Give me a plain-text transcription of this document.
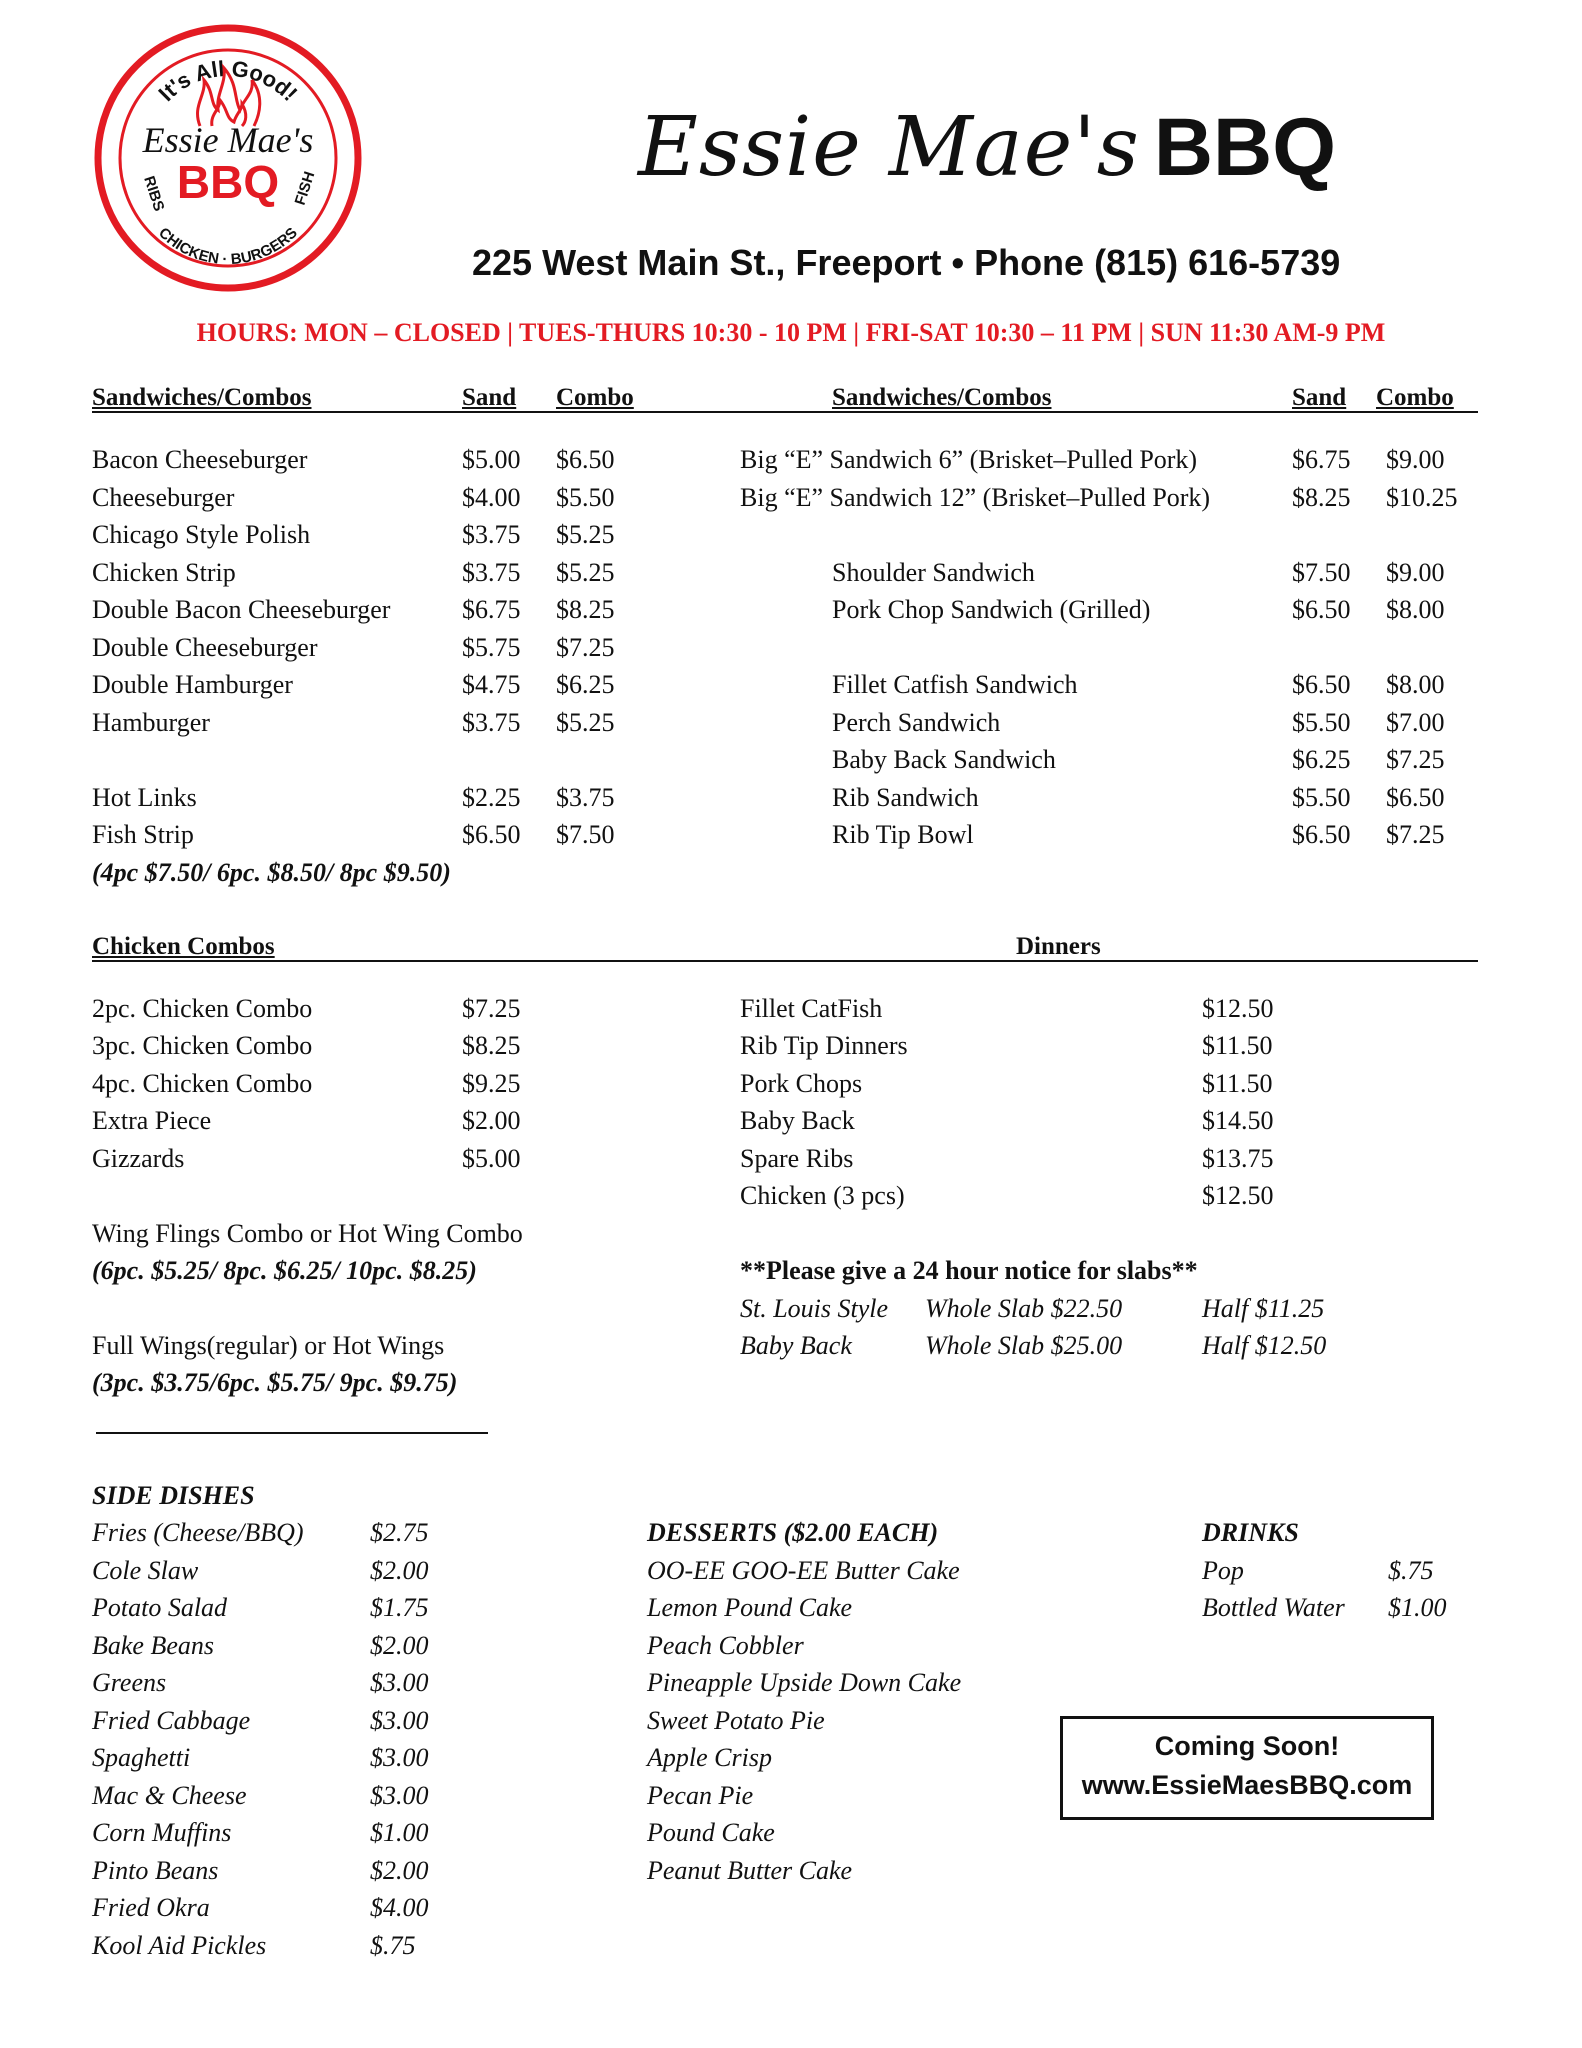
It's All Good!
Essie Mae's
BBQ
RIBS	FISH
CHICKEN · BURGERS
Essie Mae's BBQ
225 West Main St., Freeport • Phone (815) 616-5739
HOURS: MON – CLOSED | TUES-THURS 10:30 - 10 PM | FRI-SAT 10:30 – 11 PM | SUN 11:30 AM-9 PM
Sandwiches/Combos	Sand Combo
Bacon Cheeseburger	$5.00 $6.50
Cheeseburger	$4.00 $5.50
Chicago Style Polish	$3.75 $5.25
Chicken Strip	$3.75 $5.25
Double Bacon Cheeseburger	$6.75 $8.25
Double Cheeseburger	$5.75 $7.25
Double Hamburger	$4.75 $6.25
Hamburger	$3.75 $5.25
Hot Links	$2.25 $3.75
Fish Strip	$6.50 $7.50
(4pc $7.50/ 6pc. $8.50/ 8pc $9.50)
Sandwiches/Combos	Sand Combo
Big “E” Sandwich 6” (Brisket–Pulled Pork)	$6.75 $9.00
Big “E” Sandwich 12” (Brisket–Pulled Pork)	$8.25 $10.25
Shoulder Sandwich	$7.50 $9.00
Pork Chop Sandwich (Grilled)	$6.50 $8.00
Fillet Catfish Sandwich	$6.50 $8.00
Perch Sandwich	$5.50 $7.00
Baby Back Sandwich	$6.25 $7.25
Rib Sandwich	$5.50 $6.50
Rib Tip Bowl	$6.50 $7.25
Chicken Combos	Dinners
2pc. Chicken Combo	$7.25
3pc. Chicken Combo	$8.25
4pc. Chicken Combo	$9.25
Extra Piece	$2.00
Gizzards	$5.00
Wing Flings Combo or Hot Wing Combo
(6pc. $5.25/ 8pc. $6.25/ 10pc. $8.25)
Full Wings(regular) or Hot Wings
(3pc. $3.75/6pc. $5.75/ 9pc. $9.75)
Fillet CatFish	$12.50
Rib Tip Dinners	$11.50
Pork Chops	$11.50
Baby Back	$14.50
Spare Ribs	$13.75
Chicken (3 pcs)	$12.50
**Please give a 24 hour notice for slabs**
St. Louis Style Whole Slab $22.50	Half $11.25
Baby Back	Whole Slab $25.00	Half $12.50
SIDE DISHES
Fries (Cheese/BBQ)	$2.75
Cole Slaw	$2.00
Potato Salad	$1.75
Bake Beans	$2.00
Greens	$3.00
Fried Cabbage	$3.00
Spaghetti	$3.00
Mac & Cheese	$3.00
Corn Muffins	$1.00
Pinto Beans	$2.00
Fried Okra	$4.00
Kool Aid Pickles	$.75
DESSERTS ($2.00 EACH)
OO-EE GOO-EE Butter Cake
Lemon Pound Cake
Peach Cobbler
Pineapple Upside Down Cake
Sweet Potato Pie
Apple Crisp
Pecan Pie
Pound Cake
Peanut Butter Cake
DRINKS
Pop	$.75
Bottled Water $1.00
Coming Soon!
www.EssieMaesBBQ.com
